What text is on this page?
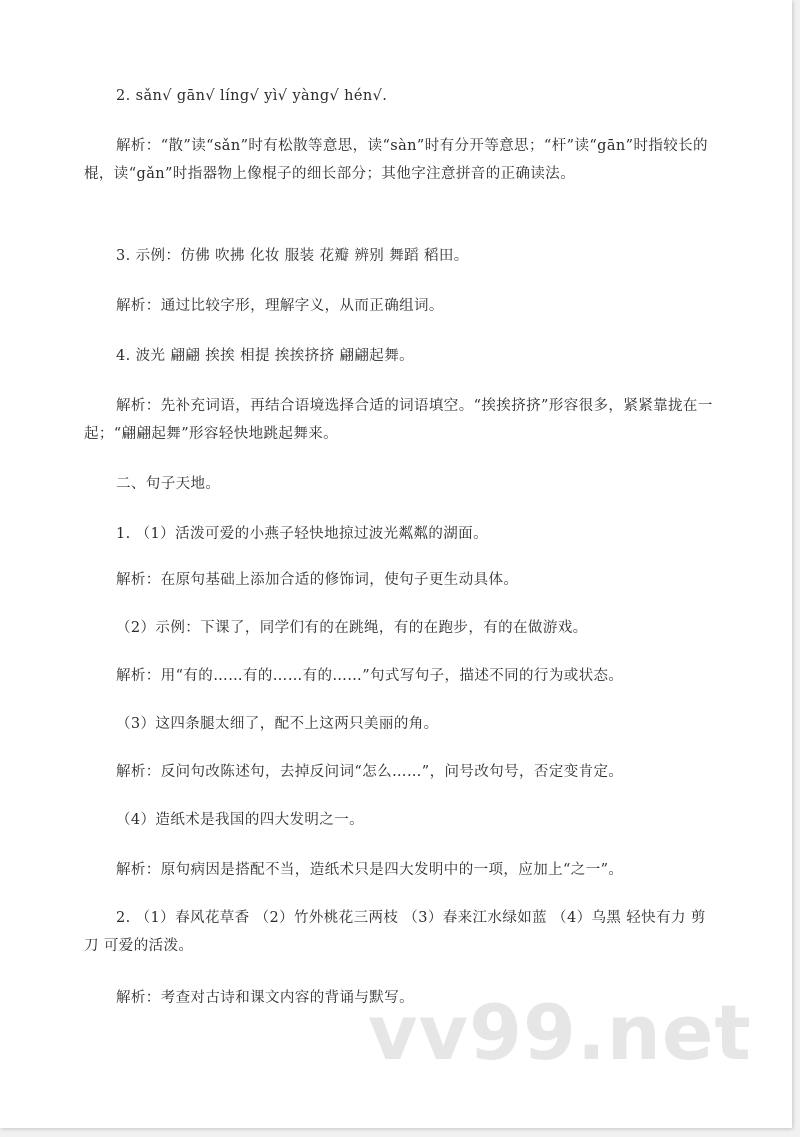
2. sǎn√ gān√ líng√ yì√ yàng√ hén√.

解析：“散”读“sǎn”时有松散等意思，读“sàn”时有分开等意思；“杆”读“gān”时指较长的棍，读“gǎn”时指器物上像棍子的细长部分；其他字注意拼音的正确读法。

3. 示例：仿佛 吹拂 化妆 服装 花瓣 辨别 舞蹈 稻田。

解析：通过比较字形，理解字义，从而正确组词。

4. 波光 翩翩 挨挨 相提 挨挨挤挤 翩翩起舞。

解析：先补充词语，再结合语境选择合适的词语填空。“挨挨挤挤”形容很多，紧紧靠拢在一起；“翩翩起舞”形容轻快地跳起舞来。

二、句子天地。

1. （1）活泼可爱的小燕子轻快地掠过波光粼粼的湖面。

解析：在原句基础上添加合适的修饰词，使句子更生动具体。

（2）示例：下课了，同学们有的在跳绳，有的在跑步，有的在做游戏。

解析：用“有的……有的……有的……”句式写句子，描述不同的行为或状态。

（3）这四条腿太细了，配不上这两只美丽的角。

解析：反问句改陈述句，去掉反问词“怎么……”，问号改句号，否定变肯定。

（4）造纸术是我国的四大发明之一。

解析：原句病因是搭配不当，造纸术只是四大发明中的一项，应加上“之一”。

2. （1）春风花草香 （2）竹外桃花三两枝 （3）春来江水绿如蓝 （4）乌黑 轻快有力 剪刀 可爱的活泼。

解析：考查对古诗和课文内容的背诵与默写。

vv99.net
